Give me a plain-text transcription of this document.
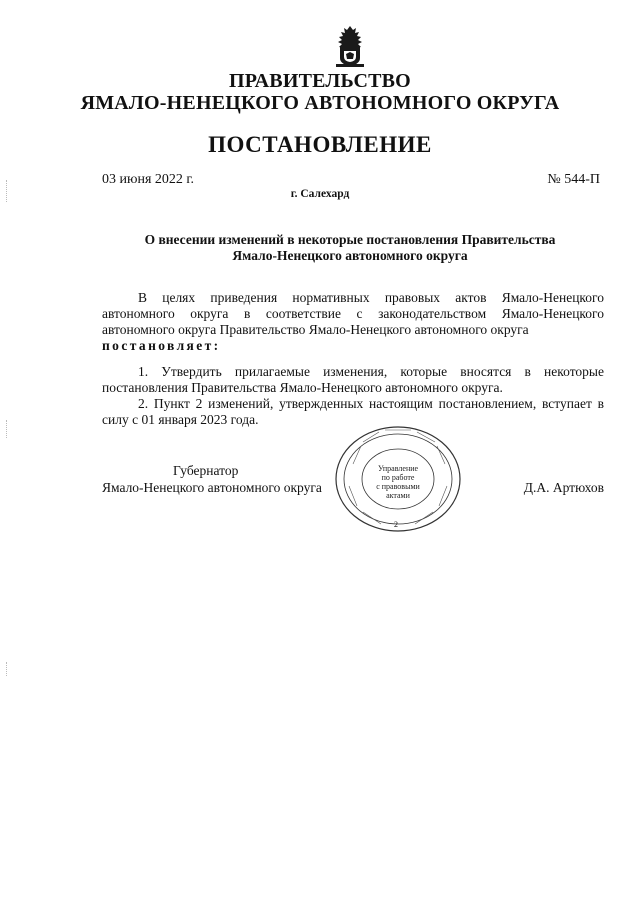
ПРАВИТЕЛЬСТВО
ЯМАЛО-НЕНЕЦКОГО АВТОНОМНОГО ОКРУГА
ПОСТАНОВЛЕНИЕ
03 июня 2022 г.	№ 544-П
г. Салехард
О внесении изменений в некоторые постановления Правительства
Ямало-Ненецкого автономного округа
В целях приведения нормативных правовых актов Ямало-Ненецкого автономного округа в соответствие с законодательством Ямало-Ненецкого автономного округа Правительство Ямало-Ненецкого автономного округа
постановляет:
1. Утвердить прилагаемые изменения, которые вносятся в некоторые постановления Правительства Ямало-Ненецкого автономного округа.
2. Пункт 2 изменений, утвержденных настоящим постановлением, вступает в силу с 01 января 2023 года.
Управление
по работе
с правовыми
актами
2
Губернатор
Ямало-Ненецкого автономного округа	Д.А. Артюхов
